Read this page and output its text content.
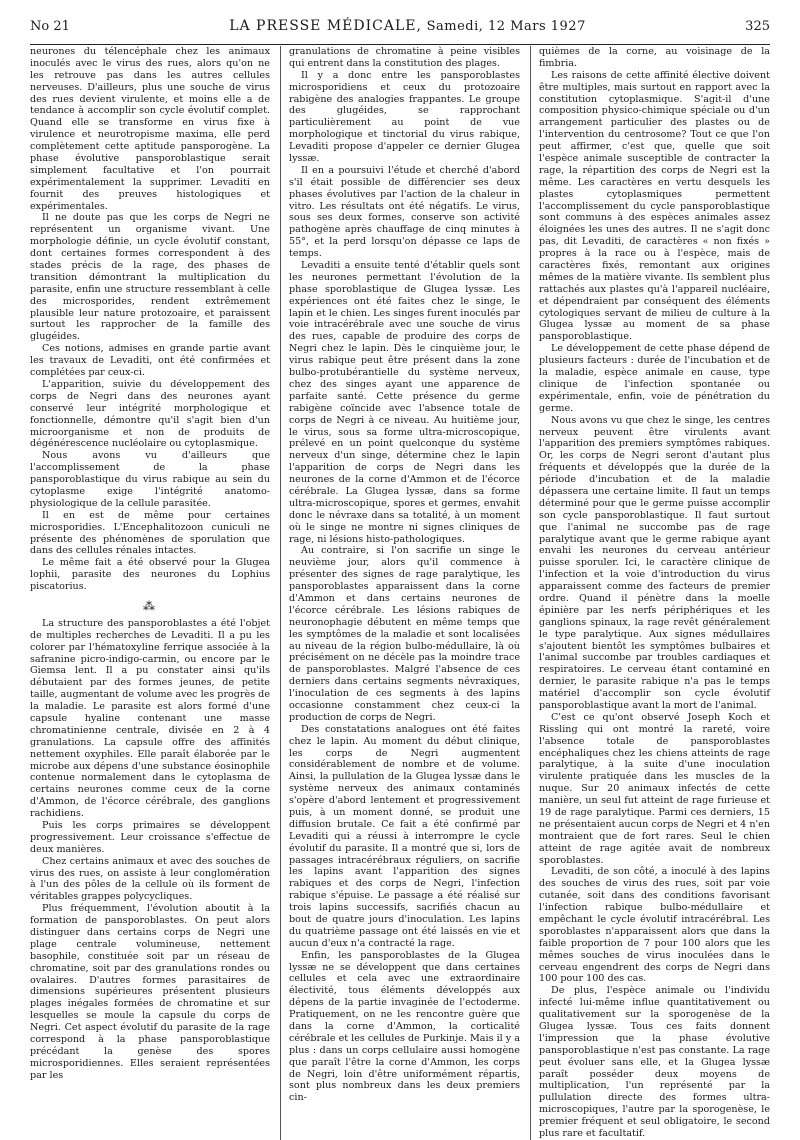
No 21	LA PRESSE MÉDICALE, Samedi, 12 Mars 1927	325

neurones du télencéphale chez les animaux inoculés avec le virus des rues, alors qu'on ne les retrouve pas dans les autres cellules nerveuses. D'ailleurs, plus une souche de virus des rues devient virulente, et moins elle a de tendance à accomplir son cycle évolutif complet. Quand elle se transforme en virus fixe à virulence et neurotropisme maxima, elle perd complètement cette aptitude pansporogène. La phase évolutive pansporoblastique serait simplement facultative et l'on pourrait expérimentalement la supprimer. Levaditi en fournit des preuves histologiques et expérimentales.

Il ne doute pas que les corps de Negri ne représentent un organisme vivant. Une morphologie définie, un cycle évolutif constant, dont certaines formes correspondent à des stades précis de la rage, des phases de transition démontrant la multiplication du parasite, enfin une structure ressemblant à celle des microsporides, rendent extrêmement plausible leur nature protozoaire, et paraissent surtout les rapprocher de la famille des glugéides.

Ces notions, admises en grande partie avant les travaux de Levaditi, ont été confirmées et complétées par ceux-ci.

L'apparition, suivie du développement des corps de Negri dans des neurones ayant conservé leur intégrité morphologique et fonctionnelle, démontre qu'il s'agit bien d'un microorganisme et non de produits de dégénérescence nucléolaire ou cytoplasmique.

Nous avons vu d'ailleurs que l'accomplissement de la phase pansporoblastique du virus rabique au sein du cytoplasme exige l'intégrité anatomo-physiologique de la cellule parasitée.

Il en est de même pour certaines microsporidies. L'Encephalitozoon cuniculi ne présente des phénomènes de sporulation que dans des cellules rénales intactes.

Le même fait a été observé pour la Glugea lophii, parasite des neurones du Lophius piscatorius.

⁂

La structure des pansporoblastes a été l'objet de multiples recherches de Levaditi. Il a pu les colorer par l'hématoxyline ferrique associée à la safranine picro-indigo-carmin, ou encore par le Giemsa lent. Il a pu constater ainsi qu'ils débutaient par des formes jeunes, de petite taille, augmentant de volume avec les progrès de la maladie. Le parasite est alors formé d'une capsule hyaline contenant une masse chromatinienne centrale, divisée en 2 à 4 granulations. La capsule offre des affinités nettement oxyphiles. Elle paraît élaborée par le microbe aux dépens d'une substance éosinophile contenue normalement dans le cytoplasma de certains neurones comme ceux de la corne d'Ammon, de l'écorce cérébrale, des ganglions rachidiens.

Puis les corps primaires se développent progressivement. Leur croissance s'effectue de deux manières.

Chez certains animaux et avec des souches de virus des rues, on assiste à leur conglomération à l'un des pôles de la cellule où ils forment de véritables grappes polycycliques.

Plus fréquemment, l'évolution aboutit à la formation de pansporoblastes. On peut alors distinguer dans certains corps de Negri une plage centrale volumineuse, nettement basophile, constituée soit par un réseau de chromatine, soit par des granulations rondes ou ovalaires. D'autres formes parasitaires de dimensions supérieures présentent plusieurs plages inégales formées de chromatine et sur lesquelles se moule la capsule du corps de Negri. Cet aspect évolutif du parasite de la rage correspond à la phase pansporoblastique précédant la genèse des spores microsporidiennes. Elles seraient représentées par les

granulations de chromatine à peine visibles qui entrent dans la constitution des plages.

Il y a donc entre les pansporoblastes microsporidiens et ceux du protozoaire rabigène des analogies frappantes. Le groupe des glugéides, se rapprochant particulièrement au point de vue morphologique et tinctorial du virus rabique, Levaditi propose d'appeler ce dernier Glugea lyssæ.

Il en a poursuivi l'étude et cherché d'abord s'il était possible de différencier ses deux phases évolutives par l'action de la chaleur in vitro. Les résultats ont été négatifs. Le virus, sous ses deux formes, conserve son activité pathogène après chauffage de cinq minutes à 55°, et la perd lorsqu'on dépasse ce laps de temps.

Levaditi a ensuite tenté d'établir quels sont les neurones permettant l'évolution de la phase sporoblastique de Glugea lyssæ. Les expériences ont été faites chez le singe, le lapin et le chien. Les singes furent inoculés par voie intracérébrale avec une souche de virus des rues, capable de produire des corps de Negri chez le lapin. Dès le cinquième jour, le virus rabique peut être présent dans la zone bulbo-protubérantielle du système nerveux, chez des singes ayant une apparence de parfaite santé. Cette présence du germe rabigène coïncide avec l'absence totale de corps de Negri à ce niveau. Au huitième jour, le virus, sous sa forme ultra-microscopique, prélevé en un point quelconque du système nerveux d'un singe, détermine chez le lapin l'apparition de corps de Negri dans les neurones de la corne d'Ammon et de l'écorce cérébrale. La Glugea lyssæ, dans sa forme ultra-microscopique, spores et germes, envahit donc le névraxe dans sa totalité, à un moment où le singe ne montre ni signes cliniques de rage, ni lésions histo-pathologiques.

Au contraire, si l'on sacrifie un singe le neuvième jour, alors qu'il commence à présenter des signes de rage paralytique, les pansporoblastes apparaissent dans la corne d'Ammon et dans certains neurones de l'écorce cérébrale. Les lésions rabiques de neuronophagie débutent en même temps que les symptômes de la maladie et sont localisées au niveau de la région bulbo-médullaire, là où précisément on ne décèle pas la moindre trace de pansporoblastes. Malgré l'absence de ces derniers dans certains segments névraxiques, l'inoculation de ces segments à des lapins occasionne constamment chez ceux-ci la production de corps de Negri.

Des constatations analogues ont été faites chez le lapin. Au moment du début clinique, les corps de Negri augmentent considérablement de nombre et de volume. Ainsi, la pullulation de la Glugea lyssæ dans le système nerveux des animaux contaminés s'opère d'abord lentement et progressivement puis, à un moment donné, se produit une diffusion brutale. Ce fait a été confirmé par Levaditi qui a réussi à interrompre le cycle évolutif du parasite. Il a montré que si, lors de passages intracérébraux réguliers, on sacrifie les lapins avant l'apparition des signes rabiques et des corps de Negri, l'infection rabique s'épuise. Le passage a été réalisé sur trois lapins successifs, sacrifiés chacun au bout de quatre jours d'inoculation. Les lapins du quatrième passage ont été laissés en vie et aucun d'eux n'a contracté la rage.

Enfin, les pansporoblastes de la Glugea lyssæ ne se développent que dans certaines cellules et cela avec une extraordinaire électivité, tous éléments développés aux dépens de la partie invaginée de l'ectoderme. Pratiquement, on ne les rencontre guère que dans la corne d'Ammon, la corticalité cérébrale et les cellules de Purkinje. Mais il y a plus : dans un corps cellulaire aussi homogène que paraît l'être la corne d'Ammon, les corps de Negri, loin d'être uniformément répartis, sont plus nombreux dans les deux premiers cin-

quièmes de la corne, au voisinage de la fimbria.

Les raisons de cette affinité élective doivent être multiples, mais surtout en rapport avec la constitution cytoplasmique. S'agit-il d'une composition physico-chimique spéciale ou d'un arrangement particulier des plastes ou de l'intervention du centrosome? Tout ce que l'on peut affirmer, c'est que, quelle que soit l'espèce animale susceptible de contracter la rage, la répartition des corps de Negri est la même. Les caractères en vertu desquels les plastes cytoplasmiques permettent l'accomplissement du cycle pansporoblastique sont communs à des espèces animales assez éloignées les unes des autres. Il ne s'agit donc pas, dit Levaditi, de caractères « non fixés » propres à la race ou à l'espèce, mais de caractères fixés, remontant aux origines mêmes de la matière vivante. Ils semblent plus rattachés aux plastes qu'à l'appareil nucléaire, et dépendraient par conséquent des éléments cytologiques servant de milieu de culture à la Glugea lyssæ au moment de sa phase pansporoblastique.

Le développement de cette phase dépend de plusieurs facteurs : durée de l'incubation et de la maladie, espèce animale en cause, type clinique de l'infection spontanée ou expérimentale, enfin, voie de pénétration du germe.

Nous avons vu que chez le singe, les centres nerveux peuvent être virulents avant l'apparition des premiers symptômes rabiques. Or, les corps de Negri seront d'autant plus fréquents et développés que la durée de la période d'incubation et de la maladie dépassera une certaine limite. Il faut un temps déterminé pour que le germe puisse accomplir son cycle pansporoblastique. Il faut surtout que l'animal ne succombe pas de rage paralytique avant que le germe rabique ayant envahi les neurones du cerveau antérieur puisse sporuler. Ici, le caractère clinique de l'infection et la voie d'introduction du virus apparaissent comme des facteurs de premier ordre. Quand il pénètre dans la moelle épinière par les nerfs périphériques et les ganglions spinaux, la rage revêt généralement le type paralytique. Aux signes médullaires s'ajoutent bientôt les symptômes bulbaires et l'animal succombe par troubles cardiaques et respiratoires. Le cerveau étant contaminé en dernier, le parasite rabique n'a pas le temps matériel d'accomplir son cycle évolutif pansporoblastique avant la mort de l'animal.

C'est ce qu'ont observé Joseph Koch et Rissling qui ont montré la rareté, voire l'absence totale de pansporoblastes encéphaliques chez les chiens atteints de rage paralytique, à la suite d'une inoculation virulente pratiquée dans les muscles de la nuque. Sur 20 animaux infectés de cette manière, un seul fut atteint de rage furieuse et 19 de rage paralytique. Parmi ces derniers, 15 ne présentaient aucun corps de Negri et 4 n'en montraient que de fort rares. Seul le chien atteint de rage agitée avait de nombreux sporoblastes.

Levaditi, de son côté, a inoculé à des lapins des souches de virus des rues, soit par voie cutanée, soit dans des conditions favorisant l'infection rabique bulbo-médullaire et empêchant le cycle évolutif intracérébral. Les sporoblastes n'apparaissent alors que dans la faible proportion de 7 pour 100 alors que les mêmes souches de virus inoculées dans le cerveau engendrent des corps de Negri dans 100 pour 100 des cas.

De plus, l'espèce animale ou l'individu infecté lui-même influe quantitativement ou qualitativement sur la sporogenèse de la Glugea lyssæ. Tous ces faits donnent l'impression que la phase évolutive pansporoblastique n'est pas constante. La rage peut évoluer sans elle, et la Glugea lyssæ paraît posséder deux moyens de multiplication, l'un représenté par la pullulation directe des formes ultra-microscopiques, l'autre par la sporogenèse, le premier fréquent et seul obligatoire, le second plus rare et facultatif.
